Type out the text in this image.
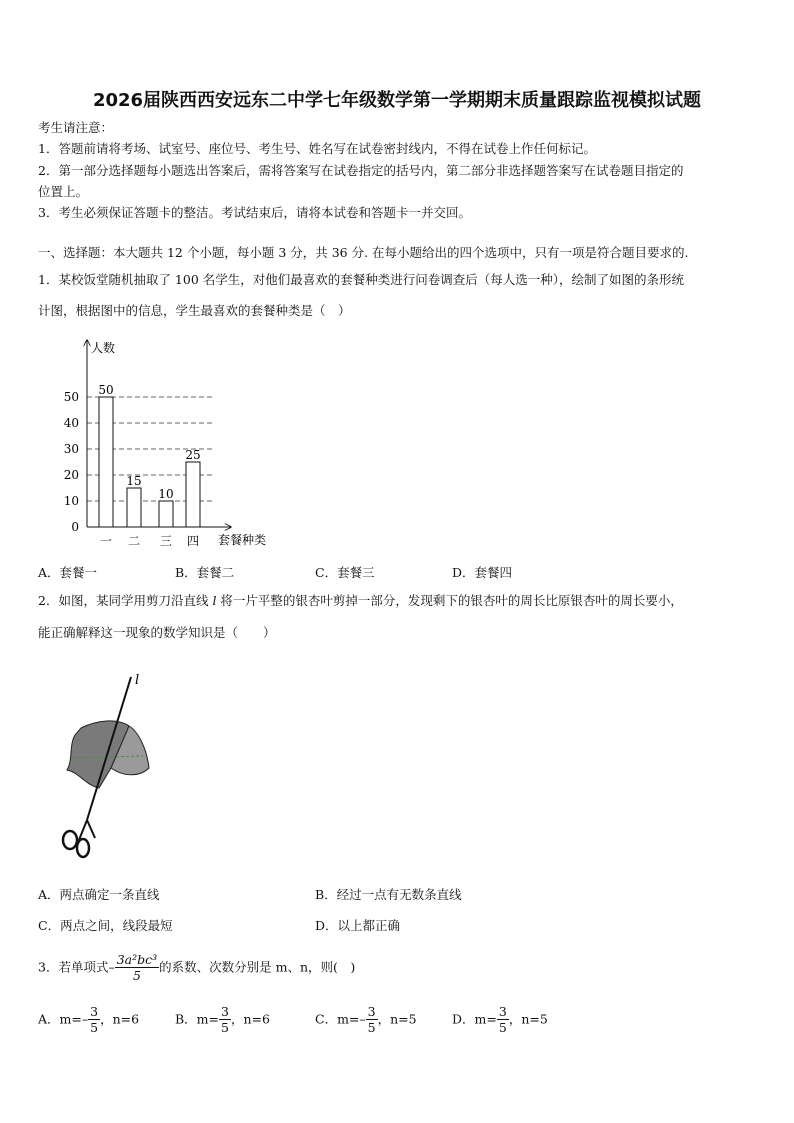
2026届陕西西安远东二中学七年级数学第一学期期末质量跟踪监视模拟试题
考生请注意：
1．答题前请将考场、试室号、座位号、考生号、姓名写在试卷密封线内，不得在试卷上作任何标记。
2．第一部分选择题每小题选出答案后，需将答案写在试卷指定的括号内，第二部分非选择题答案写在试卷题目指定的
位置上。
3．考生必须保证答题卡的整洁。考试结束后，请将本试卷和答题卡一并交回。
一、选择题：本大题共 12 个小题，每小题 3 分，共 36 分. 在每小题给出的四个选项中，只有一项是符合题目要求的.
1．某校饭堂随机抽取了 100 名学生，对他们最喜欢的套餐种类进行问卷调查后（每人选一种），绘制了如图的条形统
计图，根据图中的信息，学生最喜欢的套餐种类是（　）
人数
套餐种类
0
10
20
30
40
50 50
一
15
二
10
三
25
四
A．套餐一	B．套餐二	C．套餐三	D．套餐四
2．如图，某同学用剪刀沿直线 l 将一片平整的银杏叶剪掉一部分，发现剩下的银杏叶的周长比原银杏叶的周长要小，
能正确解释这一现象的数学知识是（　　）
l
A．两点确定一条直线	B．经过一点有无数条直线
C．两点之间，线段最短	D．以上都正确
3．若单项式– $\frac{\text{3a²bc³}}{5}$ 的系数、次数分别是 m、n，则(　)
A．$m=- \frac{3}{5}$ ，n=6	B．$m= \frac{3}{5}$ ，n=6	C．$m=- \frac{3}{5}$ ，n=5	D．$m= \frac{3}{5}$ ，n=5
